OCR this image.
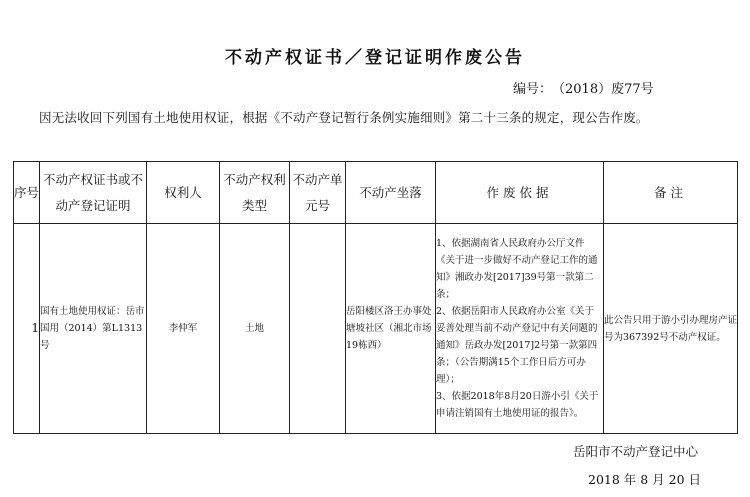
不动产权证书／登记证明作废公告
编号：　（2018）废77号
因无法收回下列国有土地使用权证，根据《不动产登记暂行条例实施细则》第二十三条的规定，现公告作废。
序号	不动产权证书或不动产登记证明	权利人	不动产权利类型	不动产单元号	不动产坐落	作废依据	备注
1	国有土地使用权证：岳市国用（2014）第L1313号	李仲军	土地		岳阳楼区洛王办事处塘坡社区（湘北市场19栋西）	1、依据湖南省人民政府办公厅文件《关于进一步做好不动产登记工作的通知》湘政办发[2017]39号第一款第二条；
2、依据岳阳市人民政府办公室《关于妥善处理当前不动产登记中有关问题的通知》岳政办发[2017]2号第一款第四条；（公告期满15个工作日后方可办理）；
3、依据2018年8月20日游小引《关于申请注销国有土地使用证的报告》。	此公告只用于游小引办理房产证号为367392号不动产权证。
岳阳市不动产登记中心
2018 年 8 月 20 日
